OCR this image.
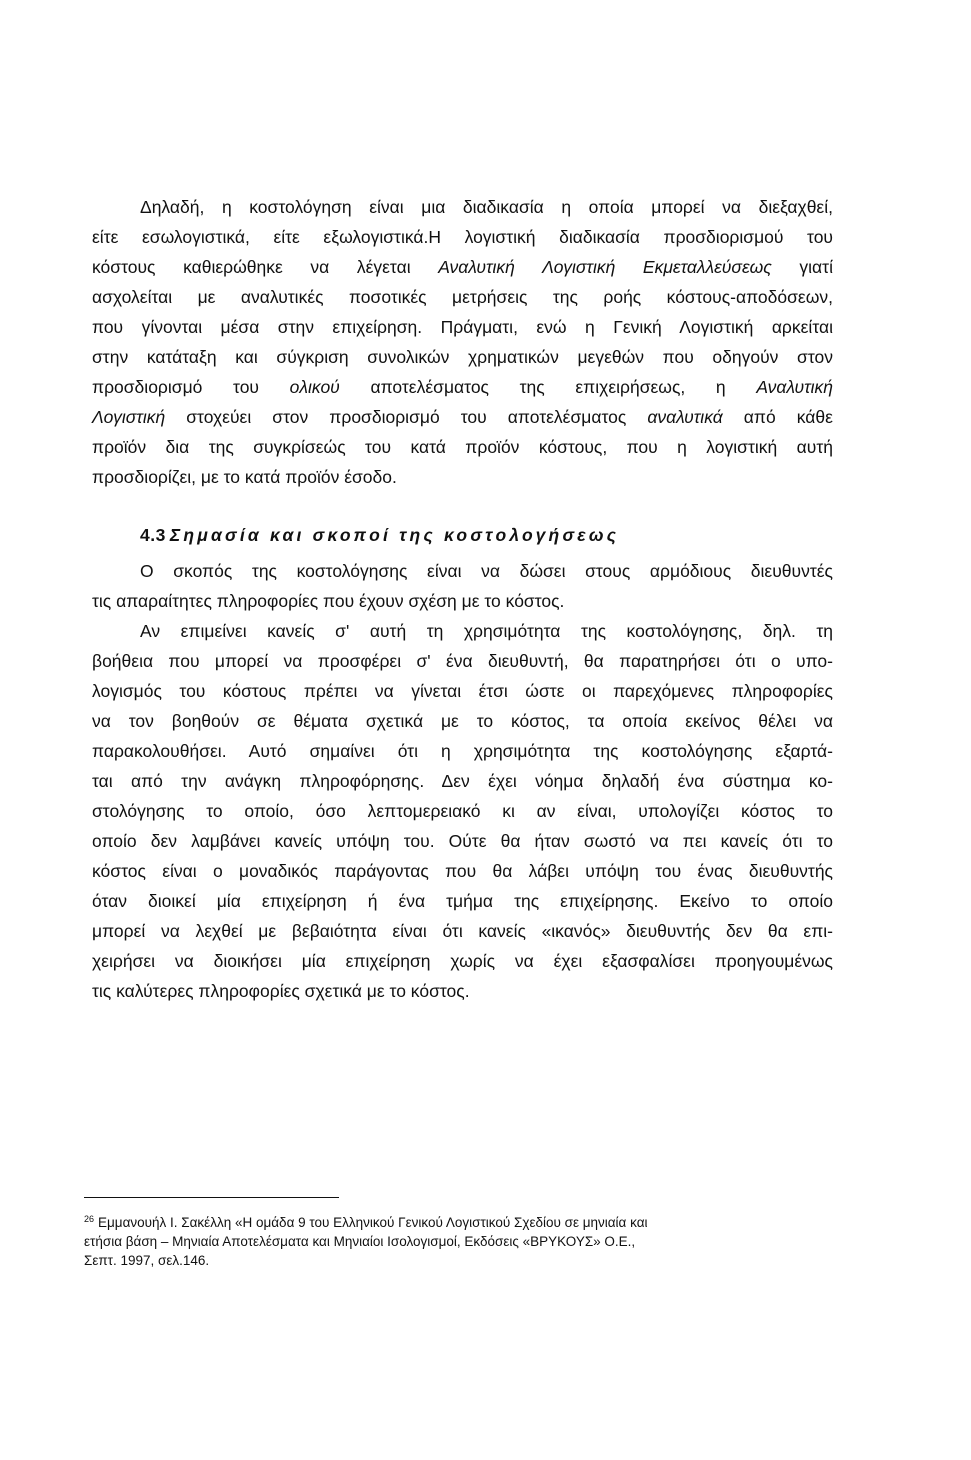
Δηλαδή, η κοστολόγηση είναι μια διαδικασία η οποία μπορεί να διεξαχθεί,
είτε εσωλογιστικά, είτε εξωλογιστικά.Η λογιστική διαδικασία προσδιορισμού του
κόστους καθιερώθηκε να λέγεται Αναλυτική Λογιστική Εκμεταλλεύσεως γιατί
ασχολείται με αναλυτικές ποσοτικές μετρήσεις της ροής κόστους-αποδόσεων,
που γίνονται μέσα στην επιχείρηση. Πράγματι, ενώ η Γενική Λογιστική αρκείται
στην κατάταξη και σύγκριση συνολικών χρηματικών μεγεθών που οδηγούν στον
προσδιορισμό του ολικού αποτελέσματος της επιχειρήσεως, η Αναλυτική
Λογιστική στοχεύει στον προσδιορισμό του αποτελέσματος αναλυτικά από κάθε
προϊόν δια της συγκρίσεώς του κατά προϊόν κόστους, που η λογιστική αυτή
προσδιορίζει, με το κατά προϊόν έσοδο.
4.3 Σημασία και σκοποί της κοστολογήσεως
Ο σκοπός της κοστολόγησης είναι να δώσει στους αρμόδιους διευθυντές
τις απαραίτητες πληροφορίες που έχουν σχέση με το κόστος.
Αν επιμείνει κανείς σ' αυτή τη χρησιμότητα της κοστολόγησης, δηλ. τη
βοήθεια που μπορεί να προσφέρει σ' ένα διευθυντή, θα παρατηρήσει ότι ο υπο-
λογισμός του κόστους πρέπει να γίνεται έτσι ώστε οι παρεχόμενες πληροφορίες
να τον βοηθούν σε θέματα σχετικά με το κόστος, τα οποία εκείνος θέλει να
παρακολουθήσει. Αυτό σημαίνει ότι η χρησιμότητα της κοστολόγησης εξαρτά-
ται από την ανάγκη πληροφόρησης. Δεν έχει νόημα δηλαδή ένα σύστημα κο-
στολόγησης το οποίο, όσο λεπτομερειακό κι αν είναι, υπολογίζει κόστος το
οποίο δεν λαμβάνει κανείς υπόψη του. Ούτε θα ήταν σωστό να πει κανείς ότι το
κόστος είναι ο μοναδικός παράγοντας που θα λάβει υπόψη του ένας διευθυντής
όταν διοικεί μία επιχείρηση ή ένα τμήμα της επιχείρησης. Εκείνο το οποίο
μπορεί να λεχθεί με βεβαιότητα είναι ότι κανείς «ικανός» διευθυντής δεν θα επι-
χειρήσει να διοικήσει μία επιχείρηση χωρίς να έχει εξασφαλίσει προηγουμένως
τις καλύτερες πληροφορίες σχετικά με το κόστος.
$^{26}$ Εμμανουήλ Ι. Σακέλλη «Η ομάδα 9 του Ελληνικού Γενικού Λογιστικού Σχεδίου σε μηνιαία και
ετήσια βάση – Μηνιαία Αποτελέσματα και Μηνιαίοι Ισολογισμοί, Εκδόσεις «ΒΡΥΚΟΥΣ» Ο.Ε.,
Σεπτ. 1997, σελ.146.
